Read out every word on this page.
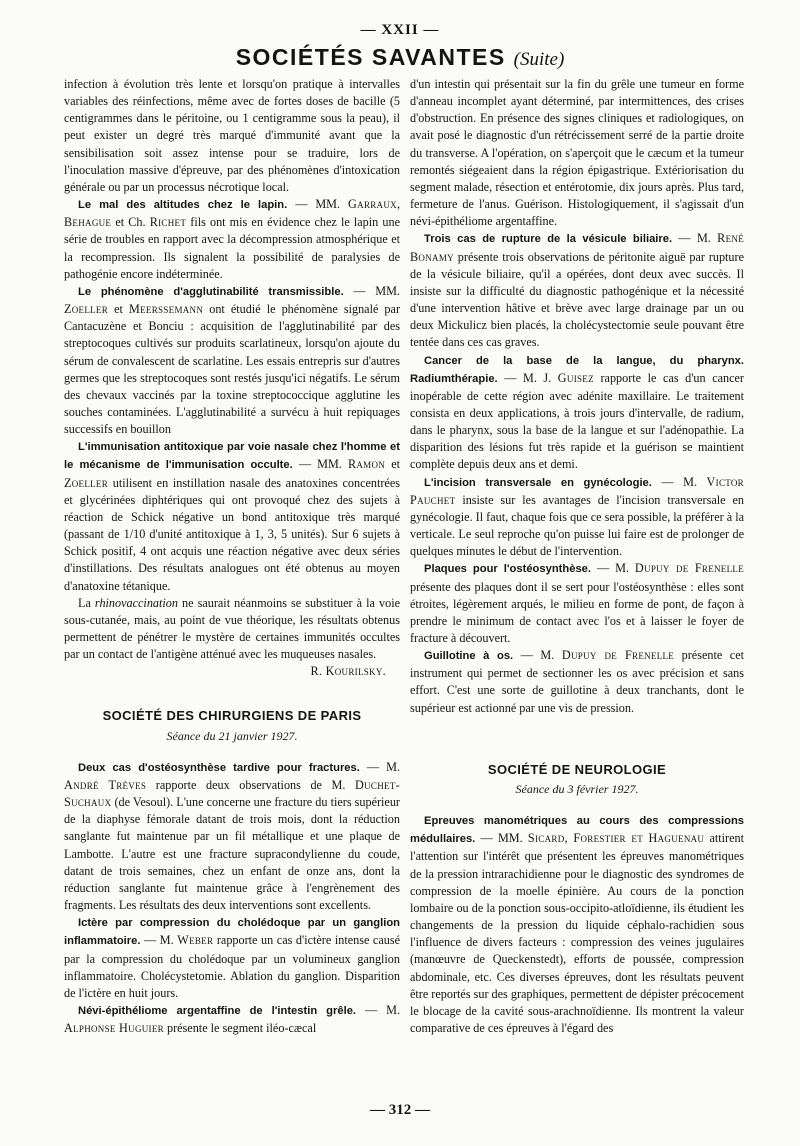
— XXII —
SOCIÉTÉS SAVANTES (Suite)

infection à évolution très lente et lorsqu'on pratique à intervalles variables des réinfections, même avec de fortes doses de bacille (5 centigrammes dans le péritoine, ou 1 centigramme sous la peau), il peut exister un degré très marqué d'immunité avant que la sensibilisation soit assez intense pour se traduire, lors de l'inoculation massive d'épreuve, par des phénomènes d'intoxication générale ou par un processus nécrotique local.

Le mal des altitudes chez le lapin. — MM. Garraux, Behague et Ch. Richet fils ont mis en évidence chez le lapin une série de troubles en rapport avec la décompression atmosphérique et la recompression. Ils signalent la possibilité de paralysies de pathogénie encore indéterminée.

Le phénomène d'agglutinabilité transmissible. — MM. Zoeller et Meerssemann ont étudié le phénomène signalé par Cantacuzène et Bonciu : acquisition de l'agglutinabilité par des streptocoques cultivés sur produits scarlatineux, lorsqu'on ajoute du sérum de convalescent de scarlatine. Les essais entrepris sur d'autres germes que les streptocoques sont restés jusqu'ici négatifs. Le sérum des chevaux vaccinés par la toxine streptococcique agglutine les souches contaminées. L'agglutinabilité a survécu à huit repiquages successifs en bouillon

L'immunisation antitoxique par voie nasale chez l'homme et le mécanisme de l'immunisation occulte. — MM. Ramon et Zoeller utilisent en instillation nasale des anatoxines concentrées et glycérinées diphtériques qui ont provoqué chez des sujets à réaction de Schick négative un bond antitoxique très marqué (passant de 1/10 d'unité antitoxique à 1, 3, 5 unités). Sur 6 sujets à Schick positif, 4 ont acquis une réaction négative avec deux séries d'instillations. Des résultats analogues ont été obtenus au moyen d'anatoxine tétanique.

La rhinovaccination ne saurait néanmoins se substituer à la voie sous-cutanée, mais, au point de vue théorique, les résultats obtenus permettent de pénétrer le mystère de certaines immunités occultes par un contact de l'antigène atténué avec les muqueuses nasales.

R. Kourilsky.

SOCIÉTÉ DES CHIRURGIENS DE PARIS

Séance du 21 janvier 1927.

Deux cas d'ostéosynthèse tardive pour fractures. — M. André Trèves rapporte deux observations de M. Duchet-Suchaux (de Vesoul). L'une concerne une fracture du tiers supérieur de la diaphyse fémorale datant de trois mois, dont la réduction sanglante fut maintenue par un fil métallique et une plaque de Lambotte. L'autre est une fracture supracondylienne du coude, datant de trois semaines, chez un enfant de onze ans, dont la réduction sanglante fut maintenue grâce à l'engrènement des fragments. Les résultats des deux interventions sont excellents.

Ictère par compression du cholédoque par un ganglion inflammatoire. — M. Weber rapporte un cas d'ictère intense causé par la compression du cholédoque par un volumineux ganglion inflammatoire. Cholécystetomie. Ablation du ganglion. Disparition de l'ictère en huit jours.

Névi-épithéliome argentaffine de l'intestin grêle. — M. Alphonse Huguier présente le segment iléo-cæcal

d'un intestin qui présentait sur la fin du grêle une tumeur en forme d'anneau incomplet ayant déterminé, par intermittences, des crises d'obstruction. En présence des signes cliniques et radiologiques, on avait posé le diagnostic d'un rétrécissement serré de la partie droite du transverse. A l'opération, on s'aperçoit que le cæcum et la tumeur remontés siégeaient dans la région épigastrique. Extériorisation du segment malade, résection et entérotomie, dix jours après. Plus tard, fermeture de l'anus. Guérison. Histologiquement, il s'agissait d'un névi-épithéliome argentaffine.

Trois cas de rupture de la vésicule biliaire. — M. René Bonamy présente trois observations de péritonite aiguë par rupture de la vésicule biliaire, qu'il a opérées, dont deux avec succès. Il insiste sur la difficulté du diagnostic pathogénique et la nécessité d'une intervention hâtive et brève avec large drainage par un ou deux Mickulicz bien placés, la cholécystectomie seule pouvant être tentée dans ces cas graves.

Cancer de la base de la langue, du pharynx. Radiumthérapie. — M. J. Guisez rapporte le cas d'un cancer inopérable de cette région avec adénite maxillaire. Le traitement consista en deux applications, à trois jours d'intervalle, de radium, dans le pharynx, sous la base de la langue et sur l'adénopathie. La disparition des lésions fut très rapide et la guérison se maintient complète depuis deux ans et demi.

L'incision transversale en gynécologie. — M. Victor Pauchet insiste sur les avantages de l'incision transversale en gynécologie. Il faut, chaque fois que ce sera possible, la préférer à la verticale. Le seul reproche qu'on puisse lui faire est de prolonger de quelques minutes le début de l'intervention.

Plaques pour l'ostéosynthèse. — M. Dupuy de Frenelle présente des plaques dont il se sert pour l'ostéosynthèse : elles sont étroites, légèrement arqués, le milieu en forme de pont, de façon à prendre le minimum de contact avec l'os et à laisser le foyer de fracture à découvert.

Guillotine à os. — M. Dupuy de Frenelle présente cet instrument qui permet de sectionner les os avec précision et sans effort. C'est une sorte de guillotine à deux tranchants, dont le supérieur est actionné par une vis de pression.

SOCIÉTÉ DE NEUROLOGIE

Séance du 3 février 1927.

Epreuves manométriques au cours des compressions médullaires. — MM. Sicard, Forestier et Haguenau attirent l'attention sur l'intérêt que présentent les épreuves manométriques de la pression intrarachidienne pour le diagnostic des syndromes de compression de la moelle épinière. Au cours de la ponction lombaire ou de la ponction sous-occipito-atloïdienne, ils étudient les changements de la pression du liquide céphalo-rachidien sous l'influence de divers facteurs : compression des veines jugulaires (manœuvre de Queckenstedt), efforts de poussée, compression abdominale, etc. Ces diverses épreuves, dont les résultats peuvent être reportés sur des graphiques, permettent de dépister précocement le blocage de la cavité sous-arachnoïdienne. Ils montrent la valeur comparative de ces épreuves à l'égard des

— 312 —
